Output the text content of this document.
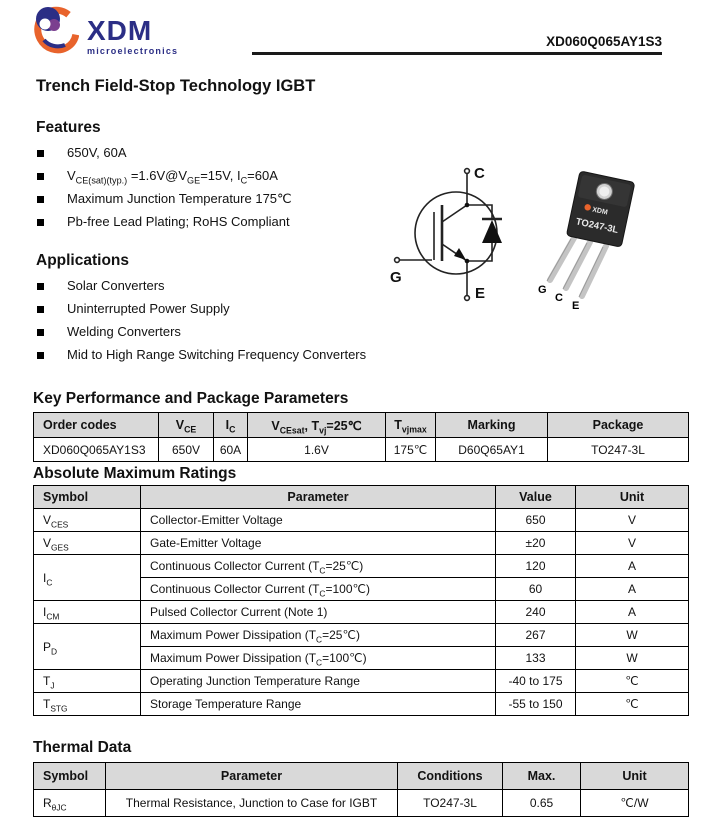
XDM
microelectronics
XD060Q065AY1S3
Trench Field-Stop Technology IGBT
Features
650V, 60A
$V_{CE(sat)(typ.)}$ $=1.6V@V_{GE}=15V$, $I_C=60A$
Maximum Junction Temperature 175℃
Pb-free Lead Plating; RoHS Compliant
Applications
Solar Converters
Uninterrupted Power Supply
Welding Converters
Mid to High Range Switching Frequency Converters
C
G
E
XDM
TO247-3L
G
C
E
Key Performance and Package Parameters
Order codes	$V_{CE}$	$I_C$	$V_{CEsat}$, $T_{vj}=25℃$	$T_{vjmax}$	Marking	Package
XD060Q065AY1S3	650V	60A	1.6V	175℃	D60Q65AY1	TO247-3L
Absolute Maximum Ratings
Symbol	Parameter	Value	Unit
$V_{CES}$	Collector-Emitter Voltage	650	V
$V_{GES}$	Gate-Emitter Voltage	±20	V
$I_C$	Continuous Collector Current $(T_C=25℃)$	120	A
	Continuous Collector Current $(T_C=100℃)$	60	A
$I_{CM}$	Pulsed Collector Current (Note 1)	240	A
$P_D$	Maximum Power Dissipation $(T_C=25℃)$	267	W
	Maximum Power Dissipation $(T_C=100℃)$	133	W
$T_J$	Operating Junction Temperature Range	-40 to 175	℃
$T_{STG}$	Storage Temperature Range	-55 to 150	℃
Thermal Data
Symbol	Parameter	Conditions	Max.	Unit
$R_{\theta JC}$	Thermal Resistance, Junction to Case for IGBT	TO247-3L	0.65	℃/W
